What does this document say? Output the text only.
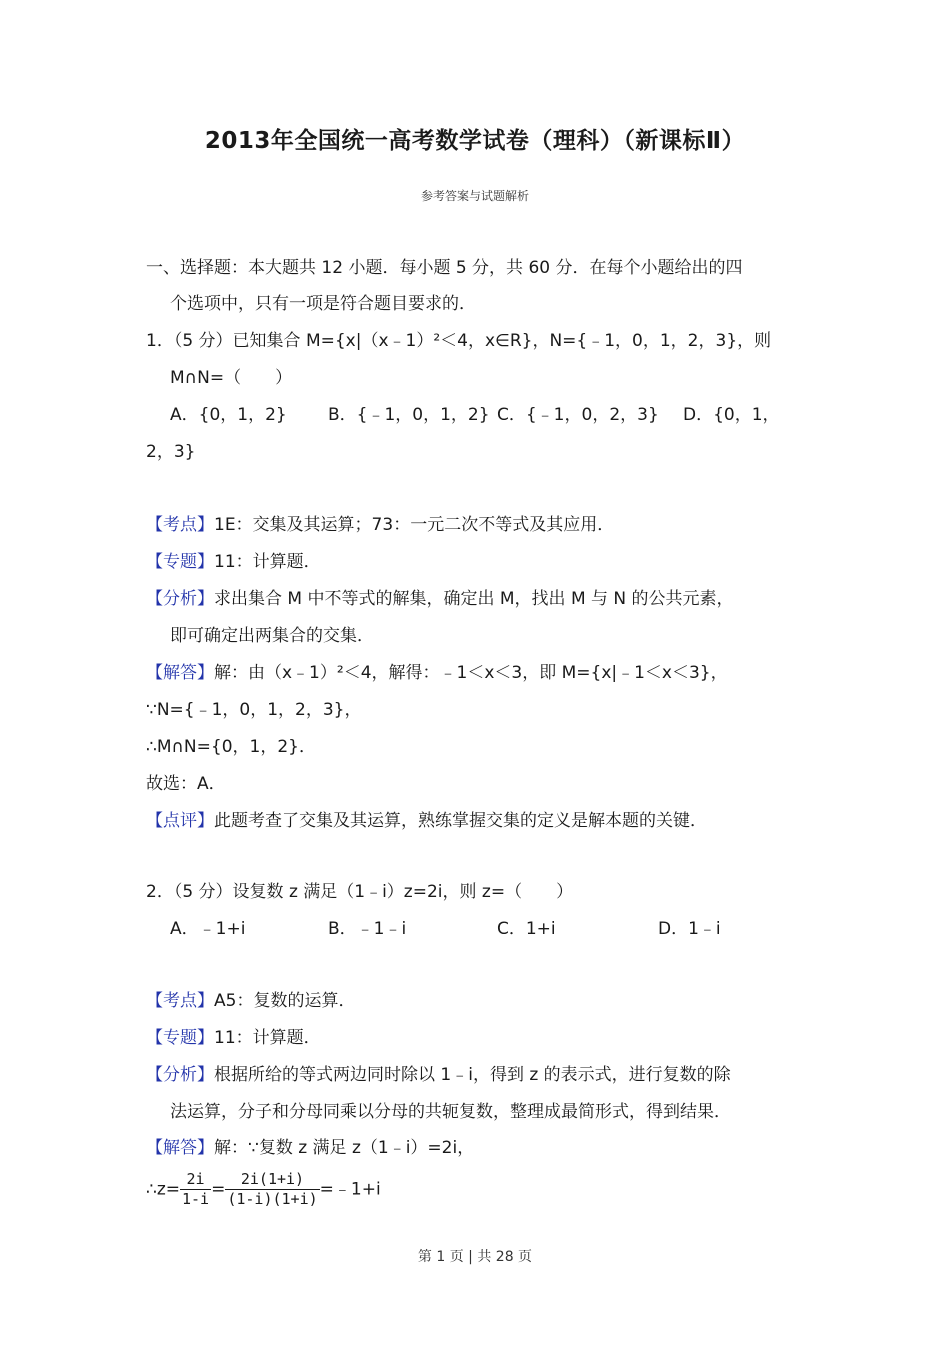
2013年全国统一高考数学试卷（理科）（新课标Ⅱ）
参考答案与试题解析
一、选择题：本大题共 12 小题．每小题 5 分，共 60 分．在每个小题给出的四
个选项中，只有一项是符合题目要求的．
1．（5 分）已知集合 M={x|（x﹣1）²＜4，x∈R}，N={﹣1，0，1，2，3}，则
M∩N=（　　）
A．{0，1，2} B．{﹣1，0，1，2} C．{﹣1，0，2，3} D．{0，1，
2，3}
【考点】1E：交集及其运算；73：一元二次不等式及其应用．
【专题】11：计算题．
【分析】求出集合 M 中不等式的解集，确定出 M，找出 M 与 N 的公共元素，
即可确定出两集合的交集．
【解答】解：由（x﹣1）²＜4，解得：﹣1＜x＜3，即 M={x|﹣1＜x＜3}，
∵N={﹣1，0，1，2，3}，
∴M∩N={0，1，2}．
故选：A．
【点评】此题考查了交集及其运算，熟练掌握交集的定义是解本题的关键．
2．（5 分）设复数 z 满足（1﹣i）z=2i，则 z=（　　）
A．﹣1+i	B．﹣1﹣i	C．1+i	D．1﹣i
【考点】A5：复数的运算．
【专题】11：计算题．
【分析】根据所给的等式两边同时除以 1﹣i，得到 z 的表示式，进行复数的除
法运算，分子和分母同乘以分母的共轭复数，整理成最简形式，得到结果．
【解答】解：∵复数 z 满足 z（1﹣i）=2i，
∴z= $\frac{2i}{1-i} = \frac{2i(1+i)}{(1-i)(1+i)}$ =﹣1+i
第 1 页 | 共 28 页
